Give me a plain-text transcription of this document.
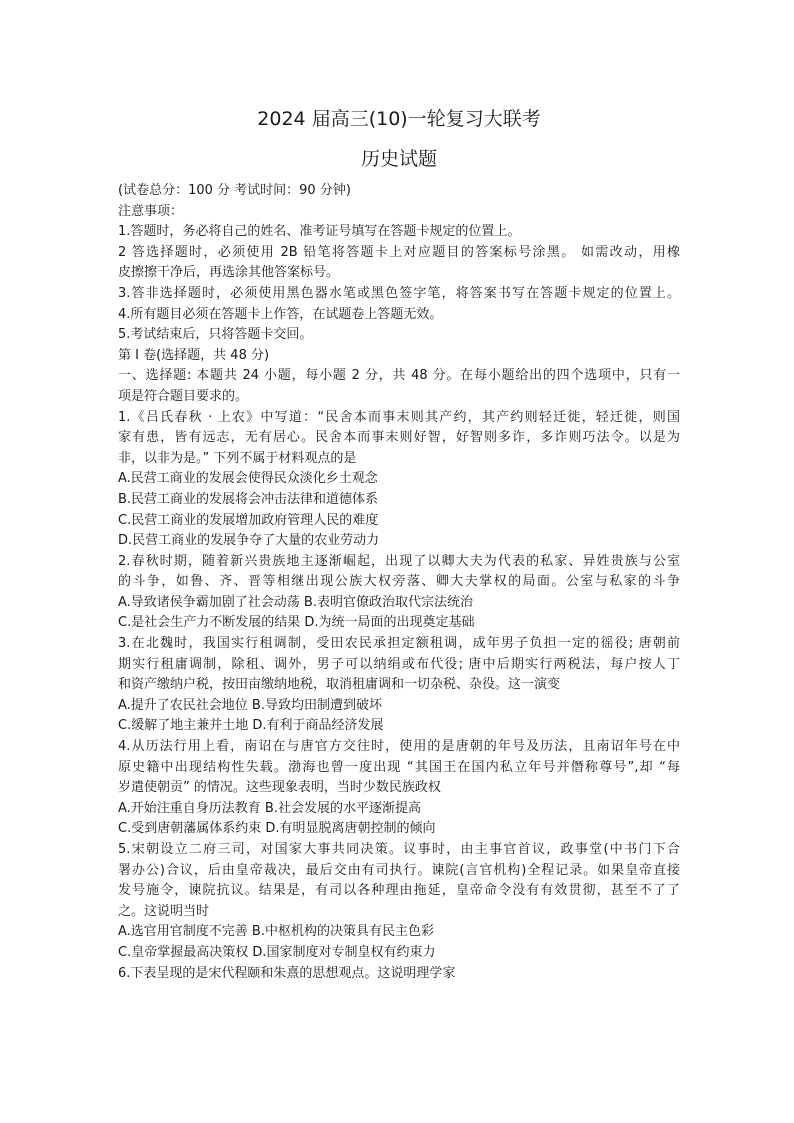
2024 届高三(10)一轮复习大联考
历史试题
(试卷总分：100 分 考试时间：90 分钟)
注意事项：
1.答题时，务必将自己的姓名、准考证号填写在答题卡规定的位置上。
2 答选择题时，必须使用 2B 铅笔将答题卡上对应题目的答案标号涂黑。 如需改动，用橡
皮擦擦干净后，再选涂其他答案标号。
3.答非选择题时，必须使用黑色器水笔或黑色签字笔，将答案书写在答题卡规定的位置上。
4.所有题目必须在答题卡上作答，在试题卷上答题无效。
5.考试结束后，只将答题卡交回。
第 I 卷(选择题，共 48 分)
一、选择题: 本题共 24 小题，每小题 2 分，共 48 分。在每小题给出的四个选项中，只有一
项是符合题目要求的。
1.《吕氏春秋 · 上农》中写道：“民舍本而事末则其产约，其产约则轻迁徙，轻迁徙，则国
家有患，皆有远志，无有居心。民舍本而事末则好智，好智则多诈，多诈则巧法令。以是为
非，以非为是。” 下列不属于材料观点的是
A.民营工商业的发展会使得民众淡化乡土观念
B.民营工商业的发展将会冲击法律和道德体系
C.民营工商业的发展增加政府管理人民的难度
D.民营工商业的发展争夺了大量的农业劳动力
2.春秋时期，随着新兴贵族地主逐渐崛起，出现了以卿大夫为代表的私家、异姓贵族与公室
的斗争，如鲁、齐、晋等相继出现公族大权旁落、卿大夫掌权的局面。公室与私家的斗争
A.导致诸侯争霸加剧了社会动荡 B.表明官僚政治取代宗法统治
C.是社会生产力不断发展的结果 D.为统一局面的出现奠定基础
3.在北魏时，我国实行租调制，受田农民承担定额租调，成年男子负担一定的徭役; 唐朝前
期实行租庸调制，除租、调外，男子可以纳绢或布代役; 唐中后期实行两税法，每户按人丁
和资产缴纳户税，按田亩缴纳地税，取消租庸调和一切杂税、杂役。这一演变
A.提升了农民社会地位 B.导致均田制遭到破坏
C.缓解了地主兼并土地 D.有利于商品经济发展
4.从历法行用上看，南诏在与唐官方交往时，使用的是唐朝的年号及历法，且南诏年号在中
原史籍中出现结构性失载。渤海也曾一度出现 “其国王在国内私立年号并僭称尊号”,却 “每
岁遣使朝贡” 的情况。这些现象表明，当时少数民族政权
A.开始注重自身历法教育 B.社会发展的水平逐渐提高
C.受到唐朝藩属体系约束 D.有明显脱离唐朝控制的倾向
5.宋朝设立二府三司，对国家大事共同决策。议事时，由主事官首议，政事堂(中书门下合
署办公)合议，后由皇帝裁决，最后交由有司执行。谏院(言官机构)全程记录。如果皇帝直接
发号施令，谏院抗议。结果是，有司以各种理由拖延，皇帝命令没有有效贯彻，甚至不了了
之。这说明当时
A.选官用官制度不完善 B.中枢机构的决策具有民主色彩
C.皇帝掌握最高决策权 D.国家制度对专制皇权有约束力
6.下表呈现的是宋代程颐和朱熹的思想观点。这说明理学家
